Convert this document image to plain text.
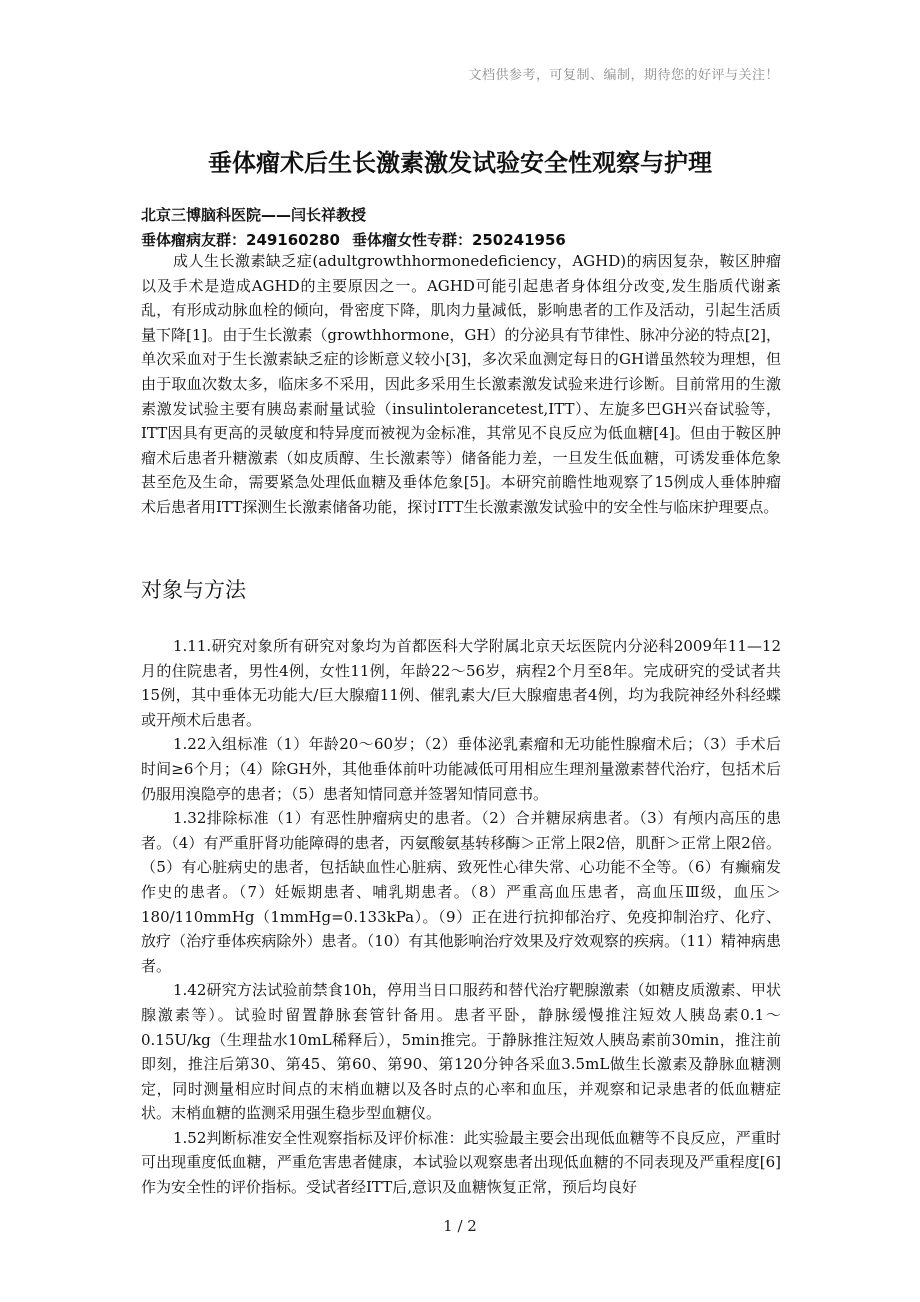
文档供参考，可复制、编制，期待您的好评与关注！
垂体瘤术后生长激素激发试验安全性观察与护理
北京三博脑科医院——闫长祥教授
垂体瘤病友群：249160280 垂体瘤女性专群：250241956

成人生长激素缺乏症(adultgrowthhormonedeficiency，AGHD)的病因复杂，鞍区肿瘤以及手术是造成AGHD的主要原因之一。AGHD可能引起患者身体组分改变,发生脂质代谢紊乱，有形成动脉血栓的倾向，骨密度下降，肌肉力量减低，影响患者的工作及活动，引起生活质量下降[1]。由于生长激素（growthhormone，GH）的分泌具有节律性、脉冲分泌的特点[2]，单次采血对于生长激素缺乏症的诊断意义较小[3]，多次采血测定每日的GH谱虽然较为理想，但由于取血次数太多，临床多不采用，因此多采用生长激素激发试验来进行诊断。目前常用的生激素激发试验主要有胰岛素耐量试验（insulintolerancetest,ITT）、左旋多巴GH兴奋试验等，ITT因具有更高的灵敏度和特异度而被视为金标准，其常见不良反应为低血糖[4]。但由于鞍区肿瘤术后患者升糖激素（如皮质醇、生长激素等）储备能力差，一旦发生低血糖，可诱发垂体危象甚至危及生命，需要紧急处理低血糖及垂体危象[5]。本研究前瞻性地观察了15例成人垂体肿瘤术后患者用ITT探测生长激素储备功能，探讨ITT生长激素激发试验中的安全性与临床护理要点。

对象与方法

1.11.研究对象所有研究对象均为首都医科大学附属北京天坛医院内分泌科2009年11—12月的住院患者，男性4例，女性11例，年龄22～56岁，病程2个月至8年。完成研究的受试者共15例，其中垂体无功能大/巨大腺瘤11例、催乳素大/巨大腺瘤患者4例，均为我院神经外科经蝶或开颅术后患者。

1.22入组标准（1）年龄20～60岁；（2）垂体泌乳素瘤和无功能性腺瘤术后；（3）手术后时间≥6个月；（4）除GH外，其他垂体前叶功能减低可用相应生理剂量激素替代治疗，包括术后仍服用溴隐亭的患者；（5）患者知情同意并签署知情同意书。

1.32排除标准（1）有恶性肿瘤病史的患者。（2）合并糖尿病患者。（3）有颅内高压的患者。（4）有严重肝肾功能障碍的患者，丙氨酸氨基转移酶＞正常上限2倍，肌酐＞正常上限2倍。（5）有心脏病史的患者，包括缺血性心脏病、致死性心律失常、心功能不全等。（6）有癫痫发作史的患者。（7）妊娠期患者、哺乳期患者。（8）严重高血压患者，高血压Ⅲ级，血压＞180/110mmHg（1mmHg=0.133kPa）。（9）正在进行抗抑郁治疗、免疫抑制治疗、化疗、放疗（治疗垂体疾病除外）患者。（10）有其他影响治疗效果及疗效观察的疾病。（11）精神病患者。

1.42研究方法试验前禁食10h，停用当日口服药和替代治疗靶腺激素（如糖皮质激素、甲状腺激素等）。试验时留置静脉套管针备用。患者平卧，静脉缓慢推注短效人胰岛素0.1～0.15U/kg（生理盐水10mL稀释后），5min推完。于静脉推注短效人胰岛素前30min，推注前即刻，推注后第30、第45、第60、第90、第120分钟各采血3.5mL做生长激素及静脉血糖测定，同时测量相应时间点的末梢血糖以及各时点的心率和血压，并观察和记录患者的低血糖症状。末梢血糖的监测采用强生稳步型血糖仪。

1.52判断标准安全性观察指标及评价标准：此实验最主要会出现低血糖等不良反应，严重时可出现重度低血糖，严重危害患者健康，本试验以观察患者出现低血糖的不同表现及严重程度[6]作为安全性的评价指标。受试者经ITT后,意识及血糖恢复正常，预后均良好

1 / 2
